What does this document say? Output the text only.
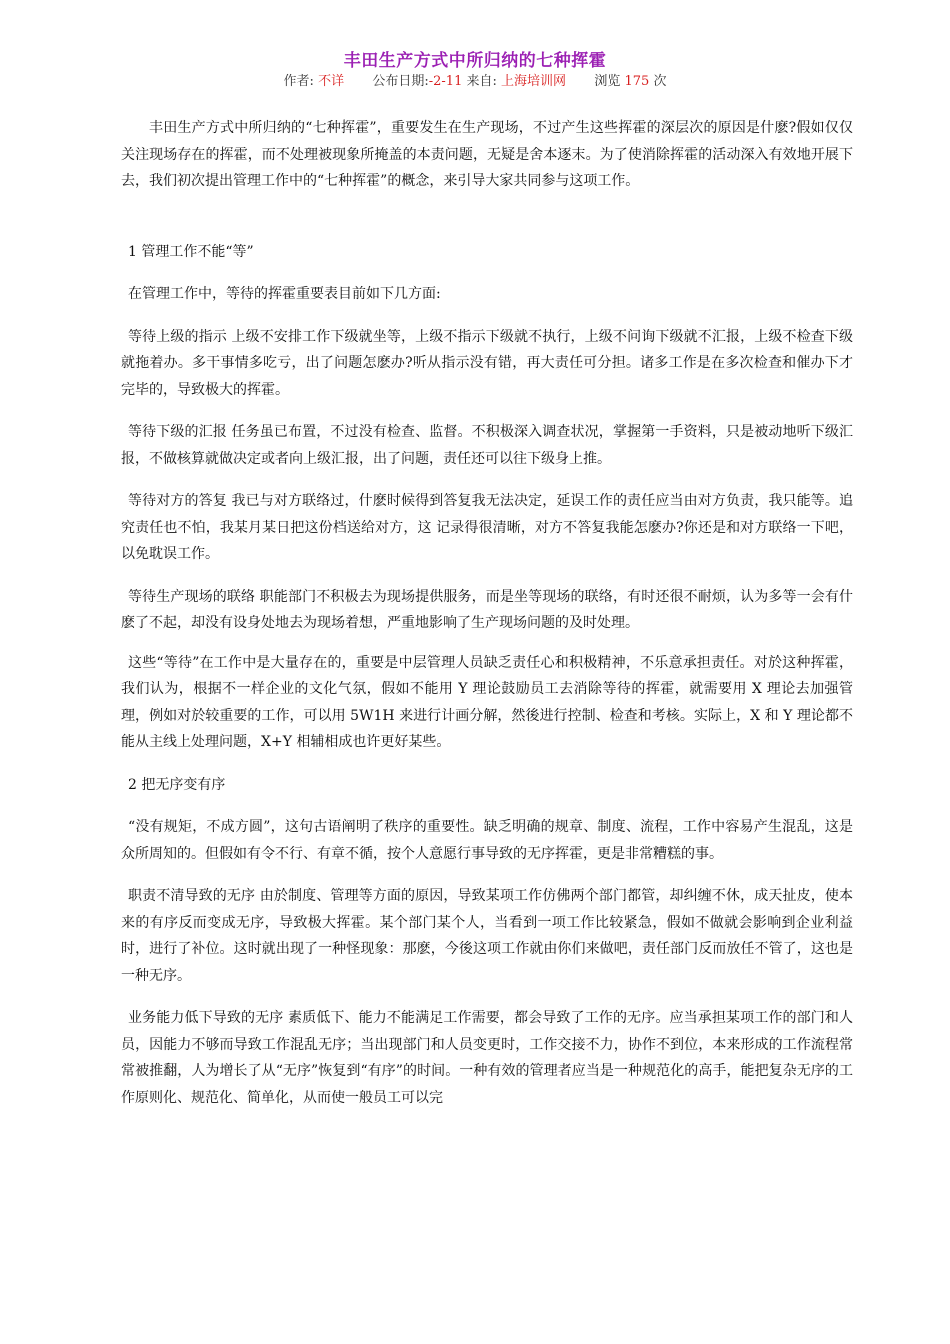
丰田生产方式中所归纳的七种挥霍
作者: 不详 公布日期:-2-11 来自: 上海培训网 浏览 175 次

丰田生产方式中所归纳的“七种挥霍”，重要发生在生产现场，不过产生这些挥霍的深层次的原因是什麽?假如仅仅关注现场存在的挥霍，而不处理被现象所掩盖的本责问题，无疑是舍本逐末。为了使消除挥霍的活动深入有效地开展下去，我们初次提出管理工作中的“七种挥霍”的概念，来引导大家共同参与这项工作。

1 管理工作不能“等”

在管理工作中，等待的挥霍重要表目前如下几方面:

等待上级的指示 上级不安排工作下级就坐等，上级不指示下级就不执行，上级不问询下级就不汇报，上级不检查下级就拖着办。多干事情多吃亏，出了问题怎麽办?听从指示没有错，再大责任可分担。诸多工作是在多次检查和催办下才完毕的，导致极大的挥霍。

等待下级的汇报 任务虽已布置，不过没有检查、监督。不积极深入调查状况，掌握第一手资料，只是被动地听下级汇报，不做核算就做决定或者向上级汇报，出了问题，责任还可以往下级身上推。

等待对方的答复 我已与对方联络过，什麽时候得到答复我无法决定，延误工作的责任应当由对方负责，我只能等。追究责任也不怕，我某月某日把这份档送给对方，这 记录得很清晰，对方不答复我能怎麽办?你还是和对方联络一下吧，以免耽误工作。

等待生产现场的联络 职能部门不积极去为现场提供服务，而是坐等现场的联络，有时还很不耐烦，认为多等一会有什麽了不起，却没有设身处地去为现场着想，严重地影响了生产现场问题的及时处理。

这些“等待”在工作中是大量存在的，重要是中层管理人员缺乏责任心和积极精神，不乐意承担责任。对於这种挥霍，我们认为，根据不一样企业的文化气氛，假如不能用 Y 理论鼓励员工去消除等待的挥霍，就需要用 X 理论去加强管理，例如对於较重要的工作，可以用 5W1H 来进行计画分解，然後进行控制、检查和考核。实际上，X 和 Y 理论都不能从主线上处理问题，X+Y 相辅相成也许更好某些。

2 把无序变有序

“没有规矩，不成方圆”，这句古语阐明了秩序的重要性。缺乏明确的规章、制度、流程，工作中容易产生混乱，这是众所周知的。但假如有令不行、有章不循，按个人意愿行事导致的无序挥霍，更是非常糟糕的事。

职责不清导致的无序 由於制度、管理等方面的原因，导致某项工作仿佛两个部门都管，却纠缠不休，成天扯皮，使本来的有序反而变成无序，导致极大挥霍。某个部门某个人，当看到一项工作比较紧急，假如不做就会影响到企业利益时，进行了补位。这时就出现了一种怪现象：那麽，今後这项工作就由你们来做吧，责任部门反而放任不管了，这也是一种无序。

业务能力低下导致的无序 素质低下、能力不能满足工作需要，都会导致了工作的无序。应当承担某项工作的部门和人员，因能力不够而导致工作混乱无序；当出现部门和人员变更时，工作交接不力，协作不到位，本来形成的工作流程常常被推翻，人为增长了从“无序”恢复到“有序”的时间。一种有效的管理者应当是一种规范化的高手，能把复杂无序的工作原则化、规范化、简单化，从而使一般员工可以完
